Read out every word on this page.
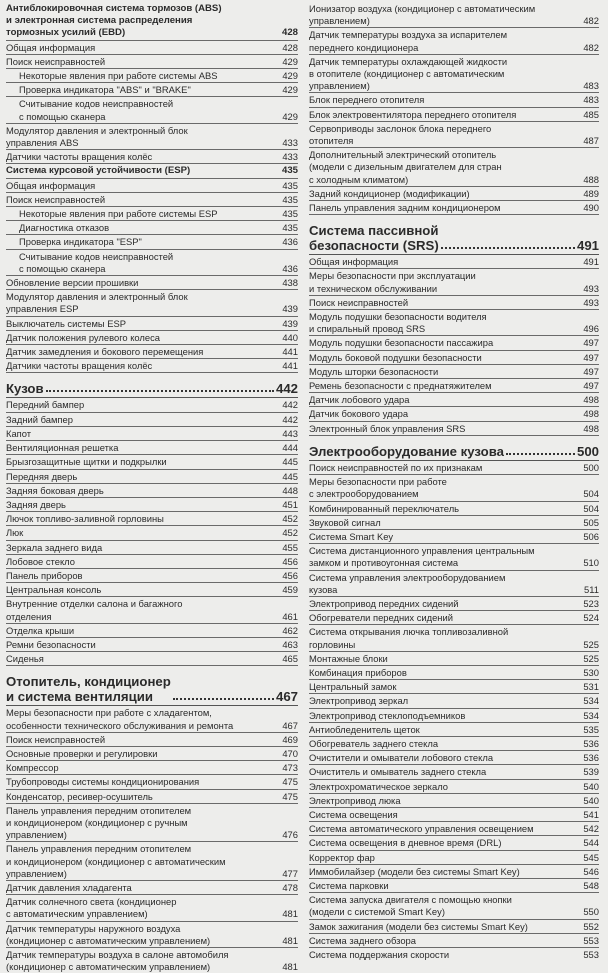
Антиблокировочная система тормозов (ABS)
и электронная система распределения
тормозных усилий (EBD)	428
Общая информация	428
Поиск неисправностей	429
Некоторые явления при работе системы ABS	429
Проверка индикатора "ABS" и "BRAKE"	429
Считывание кодов неисправностей
с помощью сканера	429
Модулятор давления и электронный блок
управления ABS	433
Датчики частоты вращения колёс	433
Система курсовой устойчивости (ESP)	435
Общая информация	435
Поиск неисправностей	435
Некоторые явления при работе системы ESP	435
Диагностика отказов	435
Проверка индикатора "ESP"	436
Считывание кодов неисправностей
с помощью сканера	436
Обновление версии прошивки	438
Модулятор давления и электронный блок
управления ESP	439
Выключатель системы ESP	439
Датчик положения рулевого колеса	440
Датчик замедления и бокового перемещения	441
Датчики частоты вращения колёс	441
Кузов	442
Передний бампер	442
Задний бампер	442
Капот	443
Вентиляционная решетка	444
Брызгозащитные щитки и подкрылки	445
Передняя дверь	445
Задняя боковая дверь	448
Задняя дверь	451
Лючок топливо-заливной горловины	452
Люк	452
Зеркала заднего вида	455
Лобовое стекло	456
Панель приборов	456
Центральная консоль	459
Внутренние отделки салона и багажного
отделения	461
Отделка крыши	462
Ремни безопасности	463
Сиденья	465
Отопитель, кондиционер
и система вентиляции	467
Меры безопасности при работе с хладагентом,
особенности технического обслуживания и ремонта	467
Поиск неисправностей	469
Основные проверки и регулировки	470
Компрессор	473
Трубопроводы системы кондиционирования	475
Конденсатор, ресивер-осушитель	475
Панель управления передним отопителем
и кондиционером (кондиционер с ручным
управлением)	476
Панель управления передним отопителем
и кондиционером (кондиционер с автоматическим
управлением)	477
Датчик давления хладагента	478
Датчик солнечного света (кондиционер
с автоматическим управлением)	481
Датчик температуры наружного воздуха
(кондиционер с автоматическим управлением)	481
Датчик температуры воздуха в салоне автомобиля
(кондиционер с автоматическим управлением)	481
Ионизатор воздуха (кондиционер с автоматическим
управлением)	482
Датчик температуры воздуха за испарителем
переднего кондиционера	482
Датчик температуры охлаждающей жидкости
в отопителе (кондиционер с автоматическим
управлением)	483
Блок переднего отопителя	483
Блок электровентилятора переднего отопителя	485
Сервоприводы заслонок блока переднего
отопителя	487
Дополнительный электрический отопитель
(модели с дизельным двигателем для стран
с холодным климатом)	488
Задний кондиционер (модификации)	489
Панель управления задним кондиционером	490
Система пассивной
безопасности (SRS)	491
Общая информация	491
Меры безопасности при эксплуатации
и техническом обслуживании	493
Поиск неисправностей	493
Модуль подушки безопасности водителя
и спиральный провод SRS	496
Модуль подушки безопасности пассажира	497
Модуль боковой подушки безопасности	497
Модуль шторки безопасности	497
Ремень безопасности с преднатяжителем	497
Датчик лобового удара	498
Датчик бокового удара	498
Электронный блок управления SRS	498
Электрооборудование кузова	500
Поиск неисправностей по их признакам	500
Меры безопасности при работе
с электрооборудованием	504
Комбинированный переключатель	504
Звуковой сигнал	505
Система Smart Key	506
Система дистанционного управления центральным
замком и противоугонная система	510
Система управления электрооборудованием
кузова	511
Электропривод передних сидений	523
Обогреватели передних сидений	524
Система открывания лючка топливозаливной
горловины	525
Монтажные блоки	525
Комбинация приборов	530
Центральный замок	531
Электропривод зеркал	534
Электропривод стеклоподъемников	534
Антиобледенитель щеток	535
Обогреватель заднего стекла	536
Очистители и омыватели лобового стекла	536
Очиститель и омыватель заднего стекла	539
Электрохроматическое зеркало	540
Электропривод люка	540
Система освещения	541
Система автоматического управления освещением	542
Система освещения в дневное время (DRL)	544
Корректор фар	545
Иммобилайзер (модели без системы Smart Key)	546
Система парковки	548
Система запуска двигателя с помощью кнопки
(модели с системой Smart Key)	550
Замок зажигания (модели без системы Smart Key)	552
Система заднего обзора	553
Система поддержания скорости	553
